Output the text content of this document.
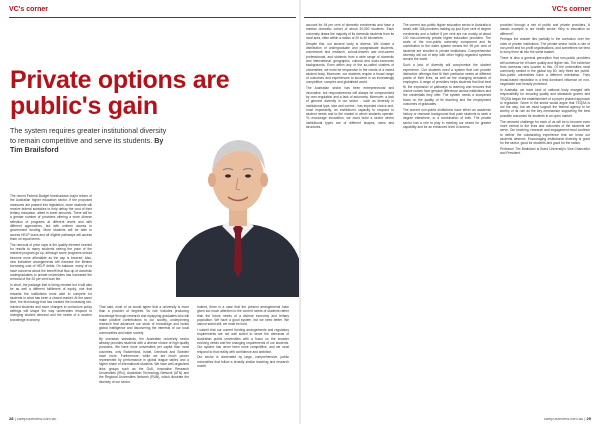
VC's corner
Private options are public's gain

The system requires greater institutional diversity to remain competitive and serve its students. By Tim Brailsford

The recent Federal Budget foreshadows major reform of the Australian higher education sector. If the proposed measures are passed into legislation, more students will receive federal subsidies to help defray the cost of their tertiary education, albeit in lower amounts. There will be a greater number of providers offering a more diverse selection of programs at different levels and with different approaches, but with uniform access to government funding. More students will be able to access HELP loans and all eligible pathways will access them on equal terms.

The removal of price caps is the quality element needed for results to marry students seeing the price of the resident program go up, although some programs should become more affordable as the cap is lowered. Also, new indicative arrangements will increase the lifetime borrowing cost of HELP debts. On balance, many of us have concerns about the benefit that flow-up of domestic undergraduates to private universities has increased the removal of the 20 per cent loan fee.

In short, the package that is being created but it will also be as well a different fulfillment of equity, one that rewards the institutions most able to compete for students in what has been a closed market. At the same time, the technology that has created the increasing fair-minded students and more changes to curriculum policy settings will shape the way universities respond to changing student demand and the needs of a modern knowledge economy.

That said, most of us would agree that a university is more than a provider of degrees. Its role includes producing knowledge through research and equipping graduates who will make positive contributions to our society, underpinning research that advances our stock of knowledge and builds global intelligence and discovering the interests of our local communities and wider society.

By overseas standards, the Australian university sector already provides students with a diverse choice of high quality providers. We have more universities per capita than most countries, only Switzerland, Israel, Denmark and Sweden have more. Furthermore, while we are much poorer represented by performance in global league tables and a higher share of international students. We have well-organized links groups such as the Go8, Innovative Research Universities (IRU), Australian Technology Network (ATN) and the Regional Universities Network (RUN), which illustrate the diversity of our sector.

Indeed, there is a case that the present arrangements have given too much attention to the current needs of students rather than the future needs of a diverse economy and tertiary population. We have a good system, but we need better. We cannot stand still, we must be bold.

I submit that our current funding arrangements and regulatory requirements are not well suited to serve the demands of Australian public universities with a focus on the broader evolving needs and the changing requirements of our students. Our system has never been more competitive, and we must respond to that reality with confidence and ambition.

Our sector is dominated by large, comprehensive, public universities that follow a broadly similar teaching and research model.

28 | campusreview.com.au
VC's corner

account for 94 per cent of domestic enrolments and have a median domestic cohort of about 20,000 students. Each university draws the majority of its domestic students from its local area, often within a radius of 20 to 40 kilometres.

Despite this, our student body is diverse. We cluster a distribution of undergraduate and postgraduate students, coursework and research, school-leavers and mid-career professionals, and students from a wide range of domestic and international, geographic, cultural and socio-economic backgrounds. Even within any of the so-called clusters of universities, we must be responsive to the needs of a varied student body. Moreover, our students require a broad range of outcomes and experiences to succeed in an increasingly competitive, complex and globalised world.

The Australian sector has been entrepreneurial and innovative, but responsiveness will always be compromised by over-regulation and a lack of autonomy. Moreover, a lack of genuine diversity in our sector - such as diversity in institutional type, size and control - has impeded choice and, most importantly, an institution's capacity to respond to student needs and to the market in which students operate. To encourage innovation, we must build a sector where institutional types are of different shapes, sizes and structures.

The current non-public higher education sector in Australia is small, with 168 providers making up just 8 per cent of degree enrolments and a further 8 per cent are run mostly at about 100 non-university private higher education providers. The scale of the non-public university component and its contribution to the wider system means the 95 per cent of students are enrolled in private institutions. Comprehensive diversity will out of step with other highly-regarded systems around the world.

Such a lack of diversity will compromise the student experience. Our students need a system that can provide distinctive offerings that fit their particular needs at different points of their lives, as well as the changing demands of employers. A range of providers helps students find that best fit, the expansion of pathways to learning and ensures that choice comes from genuine difference across institutions and the credentials they offer. The system needs a sharpened focus on the quality of its teaching and the employment outcomes of graduates.

The current non-public institutions have either an academic history or research background that push students to seek a degree elsewhere, or a combination of both. The private sector has a role to play in meeting our needs for greater capability and for an enhanced level of access.

provided through a mix of public and private providers. A classic example is our health sector: Why is education so different?

Perhaps the answer lies partially in the confusion over the roles of private institutions. The private sector holds a role of non-profit and for-profit organisations, and sometimes we tend to lump them all into the same basket.

There is also a general perception that non-public providers will somehow be of lower quality and higher risk. The evidence from overseas runs counter to this. Of the universities most commonly ranked in the global top 50, only three are public. Non-public universities have a different orientation. Their broad-based reputation is a less dominant influence on non-negotiable and heavily protected.

In Australia, we have kind of national body charged with responsibility for ensuring quality and standards govern and TEQSA began the establishment of a proper phased approach to regulation. Some in the sector would argue that TEQSA is not the way, but we must support the federal agency to be worthy of its role as the key mechanism supporting the best possible outcomes for students in an open market.

The renewed challenge for each of us will be to become even more central to the lives and outcomes of the students we serve. Our teaching, research and engagement must continue to deliver the outstanding experience that we know our students deserve. Encouraging institutional diversity is good for the sector, good for students and good for the nation.

Professor Tim Brailsford is Bond University's Vice-Chancellor and President.

campusreview.com.au | 29
